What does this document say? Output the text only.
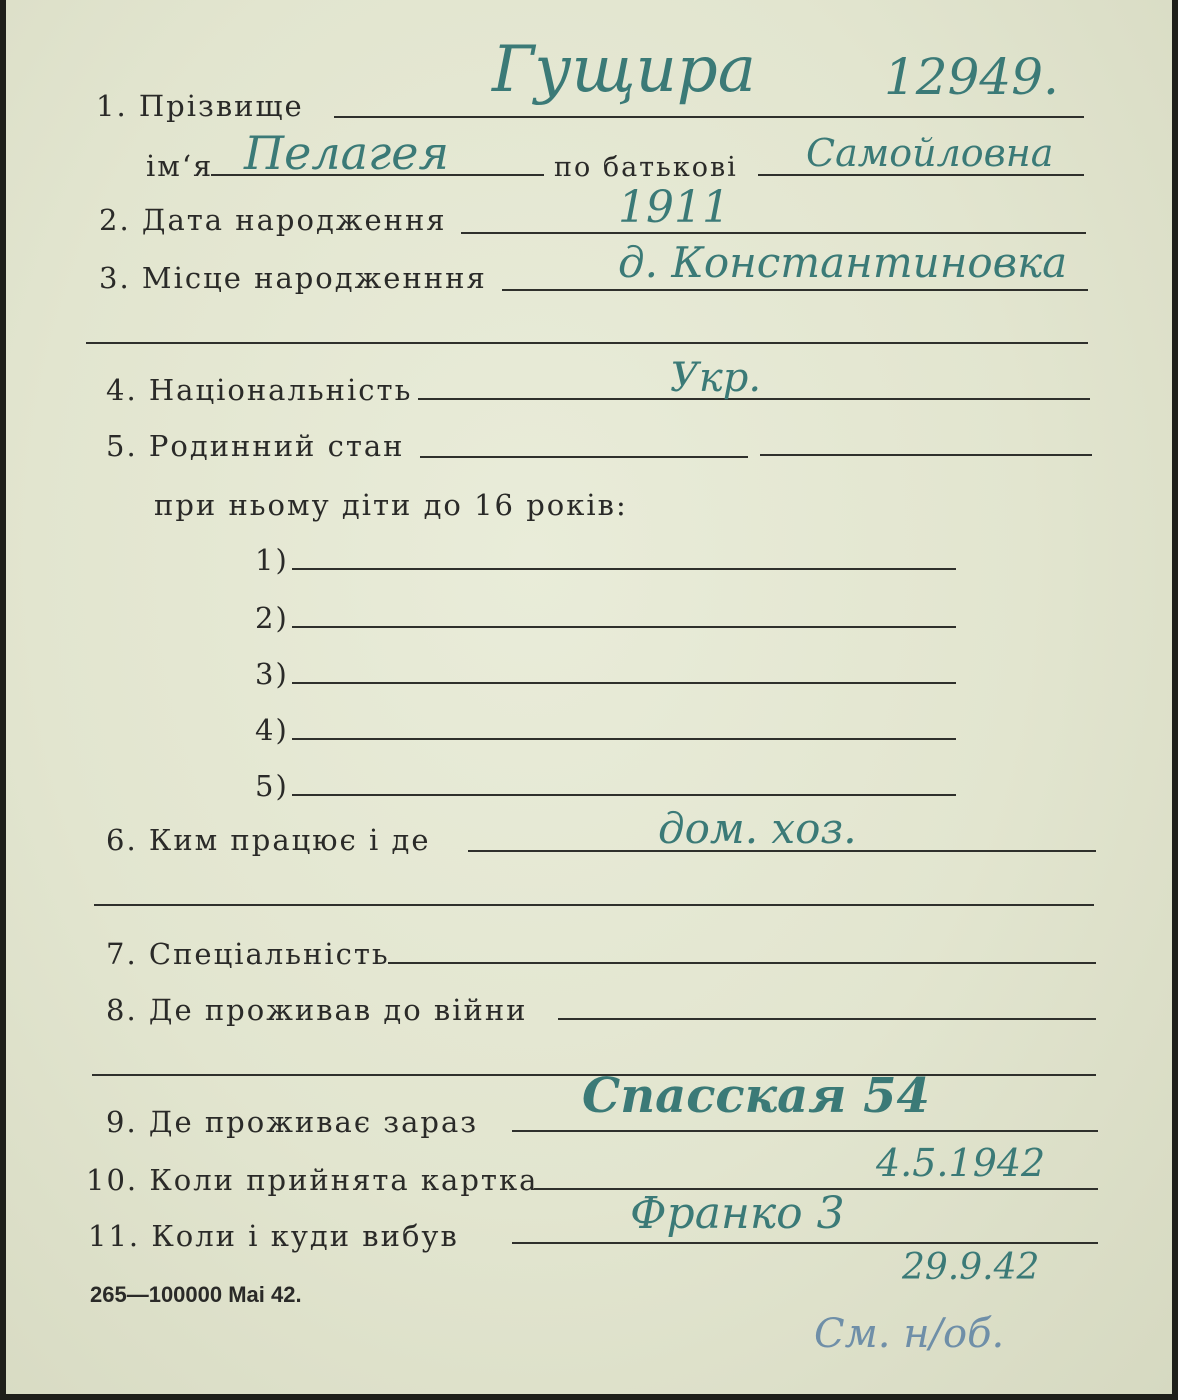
1. Прізвище	Гущира	12949.
ім‘я Пелагея	по батькові Самойловна
2. Дата народження	1911
3. Місце народженння	д. Константиновка
4. Національність	Укр.
5. Родинний стан
при ньому діти до 16 років:
1)
2)
3)
4)
5)
6. Ким працює і де	дом. хоз.
7. Спеціальність
8. Де проживав до війни
9. Де проживає зараз Спасская 54
10. Коли прийнята картка	4.5.1942
11. Коли і куди вибув	Франко 3
29.9.42
265—100000 Mai 42.
См. н/об.
